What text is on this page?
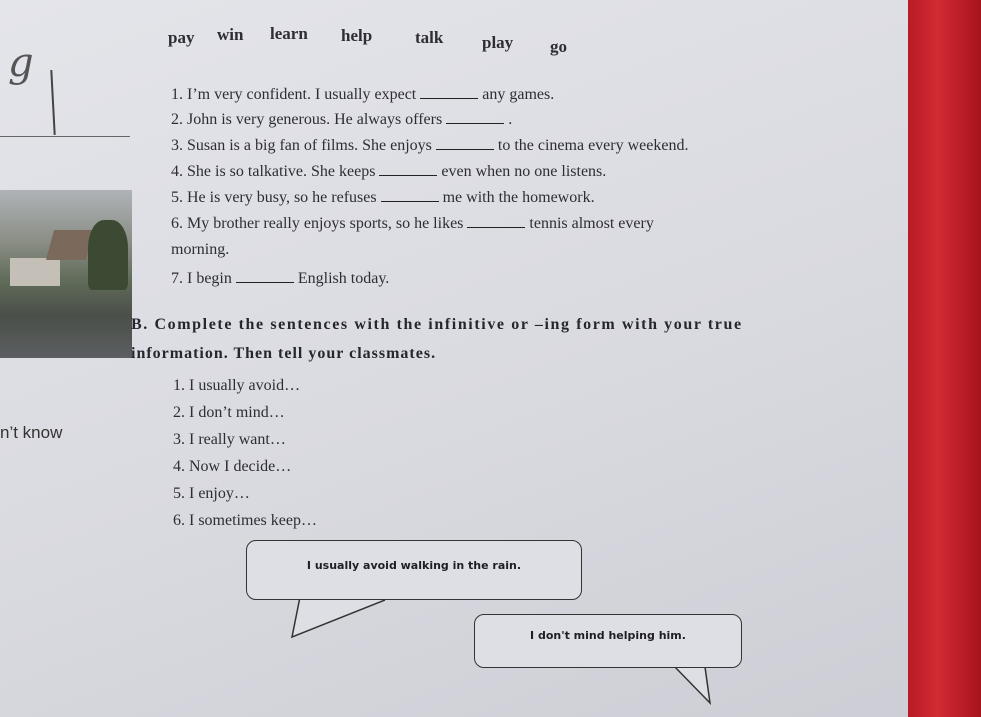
g
n’t know
pay win learn help	talk play go
1. I’m very confident. I usually expect	any games.
2. John is very generous. He always offers	.
3. Susan is a big fan of films. She enjoys	to the cinema every weekend.
4. She is so talkative. She keeps	even when no one listens.
5. He is very busy, so he refuses	me with the homework.
6. My brother really enjoys sports, so he likes	tennis almost every
morning.
7. I begin	English today.
B. Complete the sentences with the infinitive or –ing form with your true
information. Then tell your classmates.
1. I usually avoid…
2. I don’t mind…
3. I really want…
4. Now I decide…
5. I enjoy…
6. I sometimes keep…
I usually avoid walking in the rain.
I don't mind helping him.
